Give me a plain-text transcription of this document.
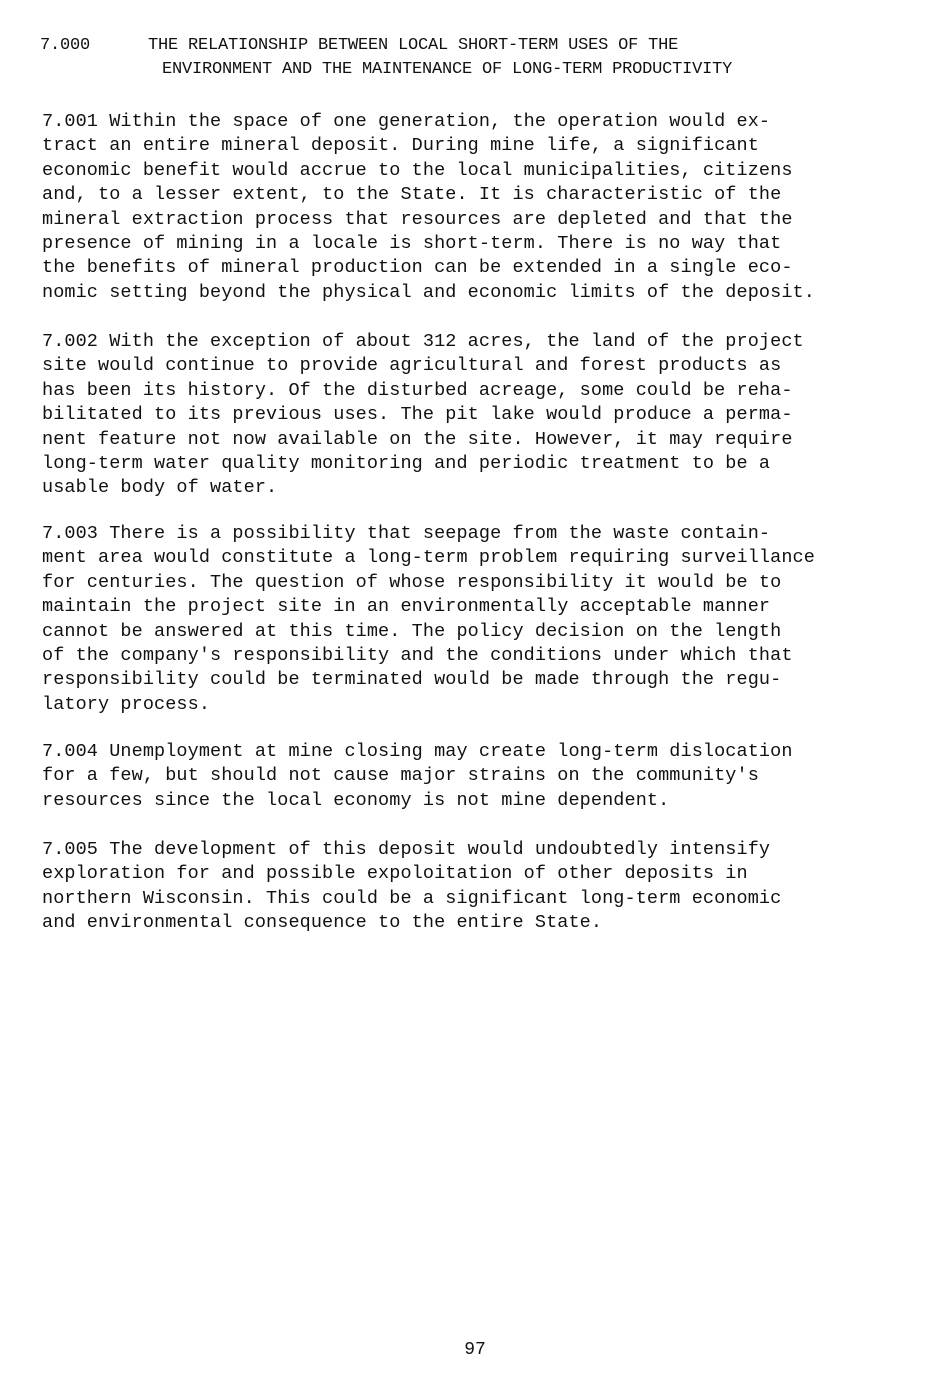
7.000	THE RELATIONSHIP BETWEEN LOCAL SHORT-TERM USES OF THE
ENVIRONMENT AND THE MAINTENANCE OF LONG-TERM PRODUCTIVITY

7.001 Within the space of one generation, the operation would ex-
tract an entire mineral deposit. During mine life, a significant
economic benefit would accrue to the local municipalities, citizens
and, to a lesser extent, to the State. It is characteristic of the
mineral extraction process that resources are depleted and that the
presence of mining in a locale is short-term. There is no way that
the benefits of mineral production can be extended in a single eco-
nomic setting beyond the physical and economic limits of the deposit.

7.002 With the exception of about 312 acres, the land of the project
site would continue to provide agricultural and forest products as
has been its history. Of the disturbed acreage, some could be reha-
bilitated to its previous uses. The pit lake would produce a perma-
nent feature not now available on the site. However, it may require
long-term water quality monitoring and periodic treatment to be a
usable body of water.

7.003 There is a possibility that seepage from the waste contain-
ment area would constitute a long-term problem requiring surveillance
for centuries. The question of whose responsibility it would be to
maintain the project site in an environmentally acceptable manner
cannot be answered at this time. The policy decision on the length
of the company's responsibility and the conditions under which that
responsibility could be terminated would be made through the regu-
latory process.

7.004 Unemployment at mine closing may create long-term dislocation
for a few, but should not cause major strains on the community's
resources since the local economy is not mine dependent.

7.005 The development of this deposit would undoubtedly intensify
exploration for and possible expoloitation of other deposits in
northern Wisconsin. This could be a significant long-term economic
and environmental consequence to the entire State.

97
